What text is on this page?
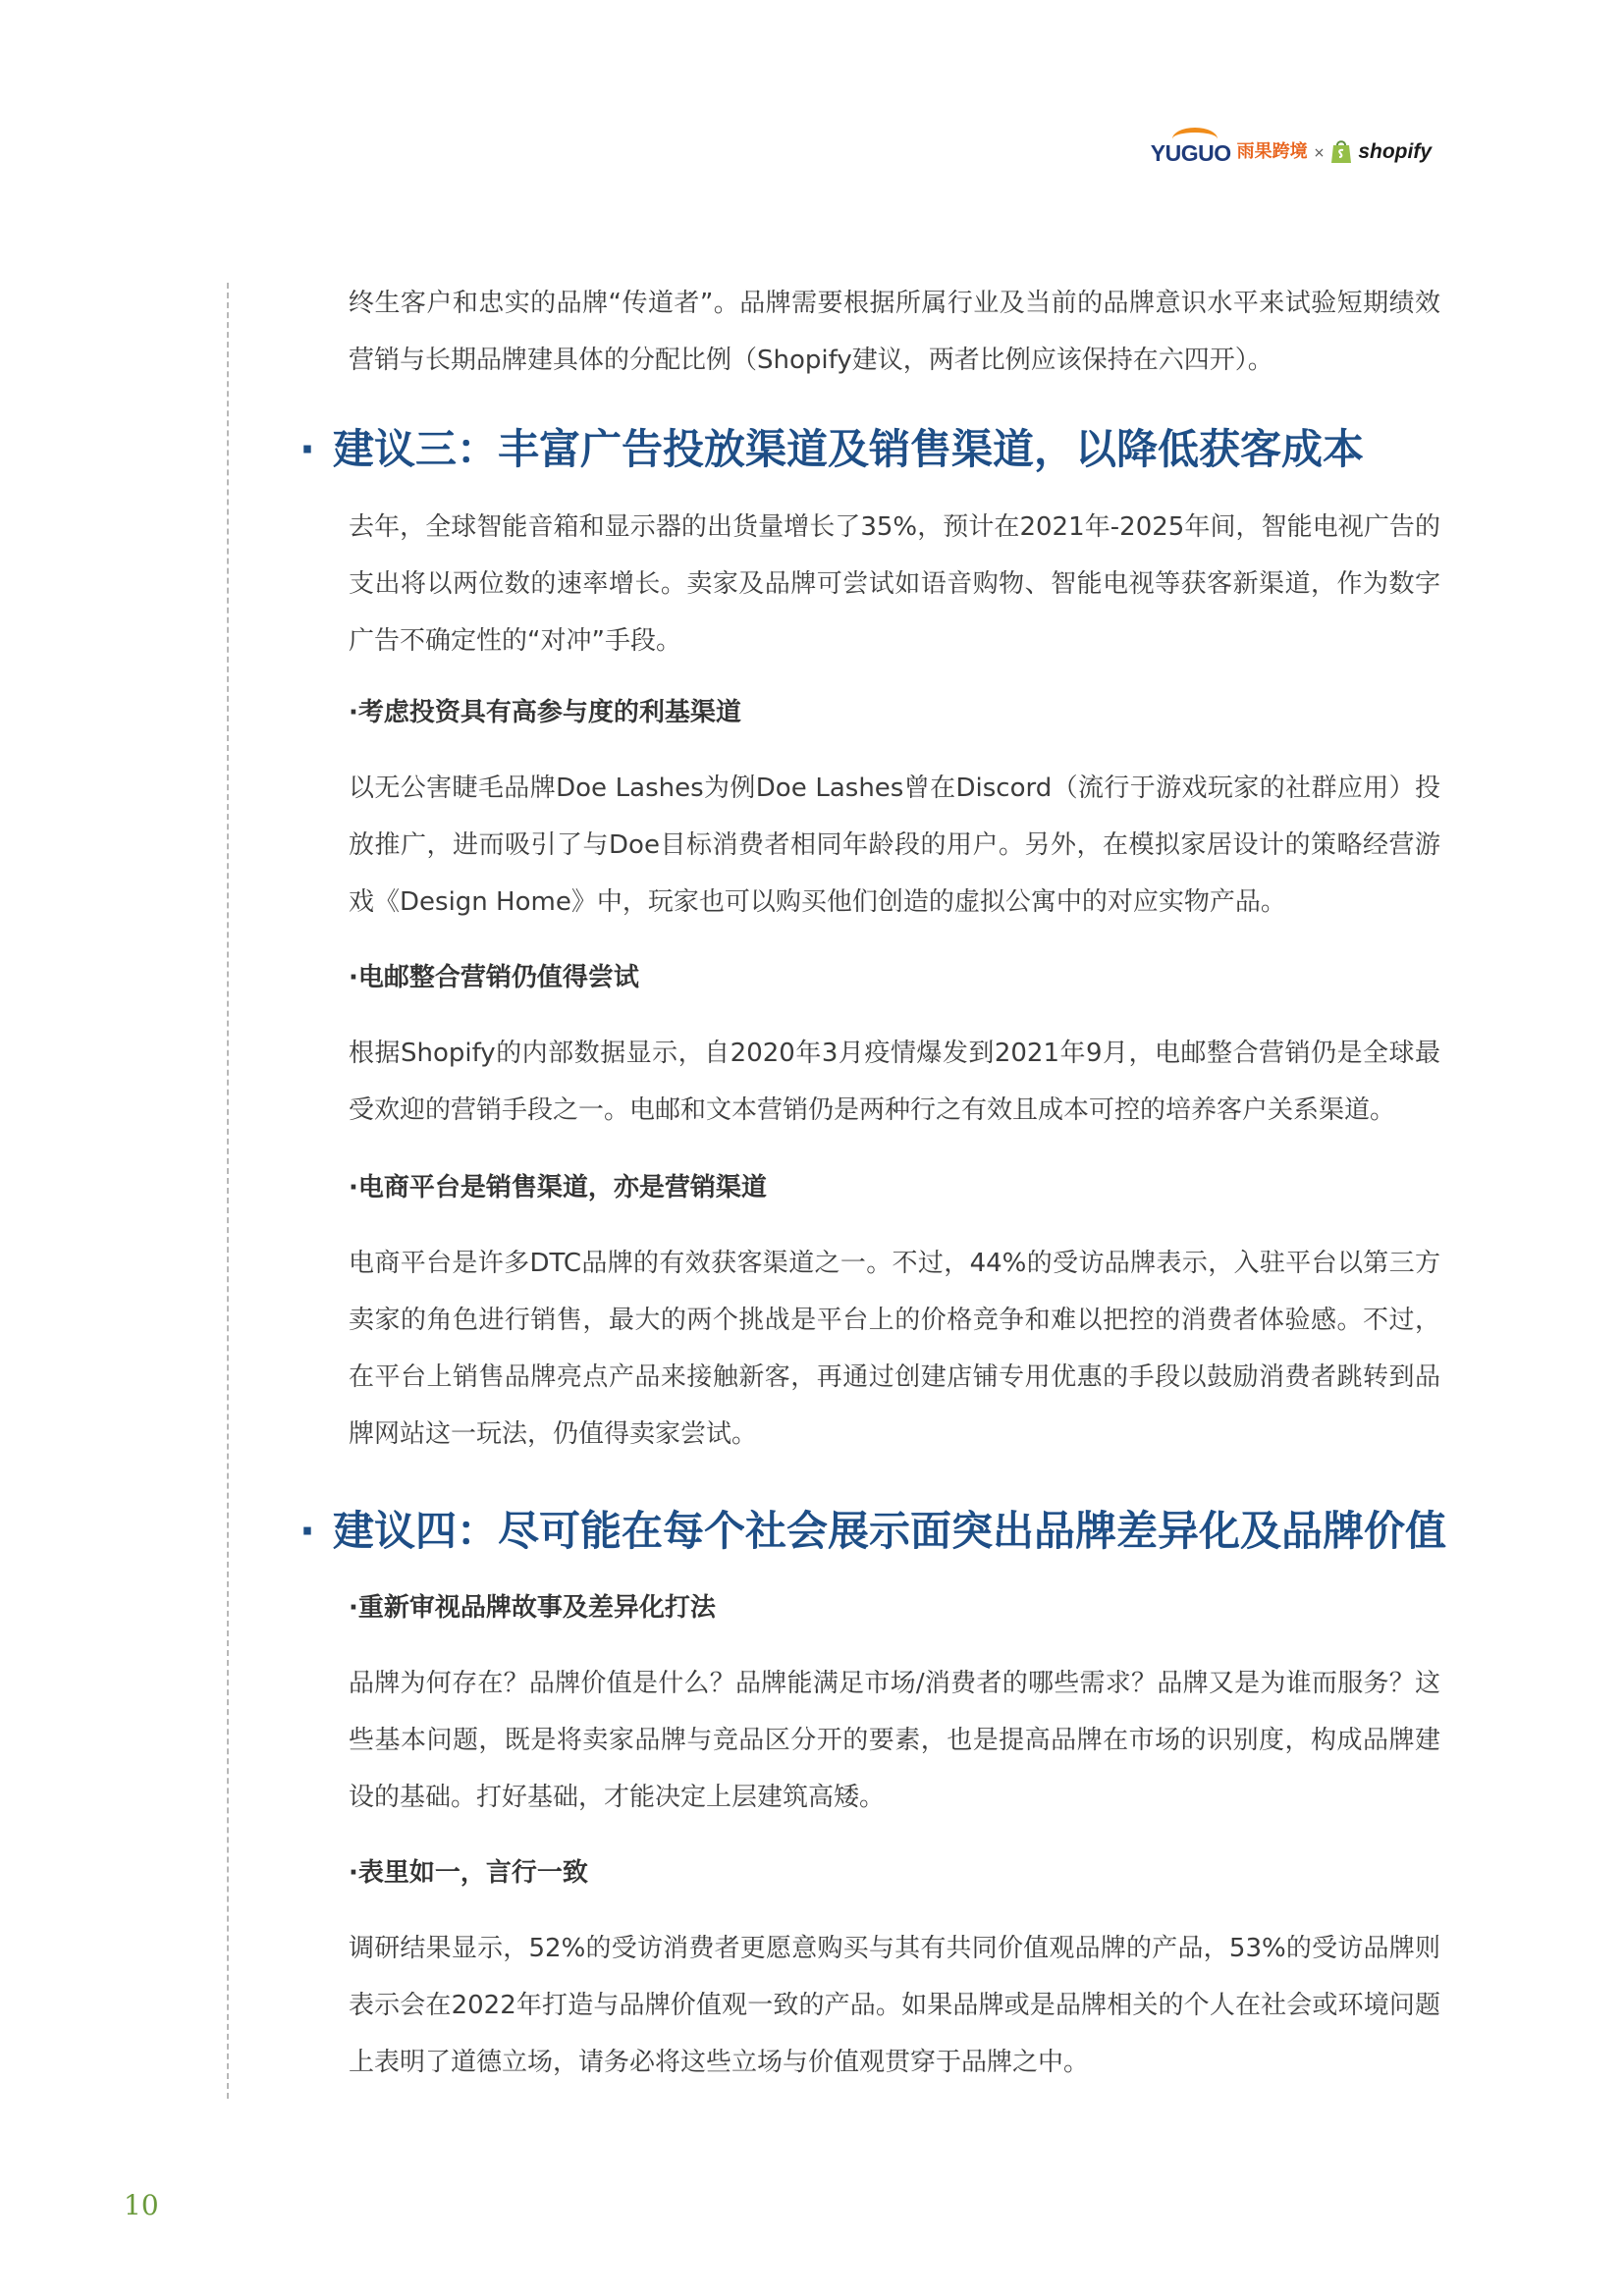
YUGUO 雨果跨境 × shopify

终生客户和忠实的品牌“传道者”。品牌需要根据所属行业及当前的品牌意识水平来试验短期绩效营销与长期品牌建具体的分配比例（Shopify建议，两者比例应该保持在六四开）。

· 建议三：丰富广告投放渠道及销售渠道，以降低获客成本

去年，全球智能音箱和显示器的出货量增长了35%，预计在2021年-2025年间，智能电视广告的支出将以两位数的速率增长。卖家及品牌可尝试如语音购物、智能电视等获客新渠道，作为数字广告不确定性的“对冲”手段。

·考虑投资具有高参与度的利基渠道

以无公害睫毛品牌Doe Lashes为例Doe Lashes曾在Discord（流行于游戏玩家的社群应用）投放推广，进而吸引了与Doe目标消费者相同年龄段的用户。另外，在模拟家居设计的策略经营游戏《Design Home》中，玩家也可以购买他们创造的虚拟公寓中的对应实物产品。

·电邮整合营销仍值得尝试

根据Shopify的内部数据显示，自2020年3月疫情爆发到2021年9月，电邮整合营销仍是全球最受欢迎的营销手段之一。电邮和文本营销仍是两种行之有效且成本可控的培养客户关系渠道。

·电商平台是销售渠道，亦是营销渠道

电商平台是许多DTC品牌的有效获客渠道之一。不过，44%的受访品牌表示，入驻平台以第三方卖家的角色进行销售，最大的两个挑战是平台上的价格竞争和难以把控的消费者体验感。不过，在平台上销售品牌亮点产品来接触新客，再通过创建店铺专用优惠的手段以鼓励消费者跳转到品牌网站这一玩法，仍值得卖家尝试。

· 建议四：尽可能在每个社会展示面突出品牌差异化及品牌价值
·重新审视品牌故事及差异化打法

品牌为何存在？品牌价值是什么？品牌能满足市场/消费者的哪些需求？品牌又是为谁而服务？这些基本问题，既是将卖家品牌与竞品区分开的要素，也是提高品牌在市场的识别度，构成品牌建设的基础。打好基础，才能决定上层建筑高矮。

·表里如一，言行一致

调研结果显示，52%的受访消费者更愿意购买与其有共同价值观品牌的产品，53%的受访品牌则表示会在2022年打造与品牌价值观一致的产品。如果品牌或是品牌相关的个人在社会或环境问题上表明了道德立场，请务必将这些立场与价值观贯穿于品牌之中。

10
